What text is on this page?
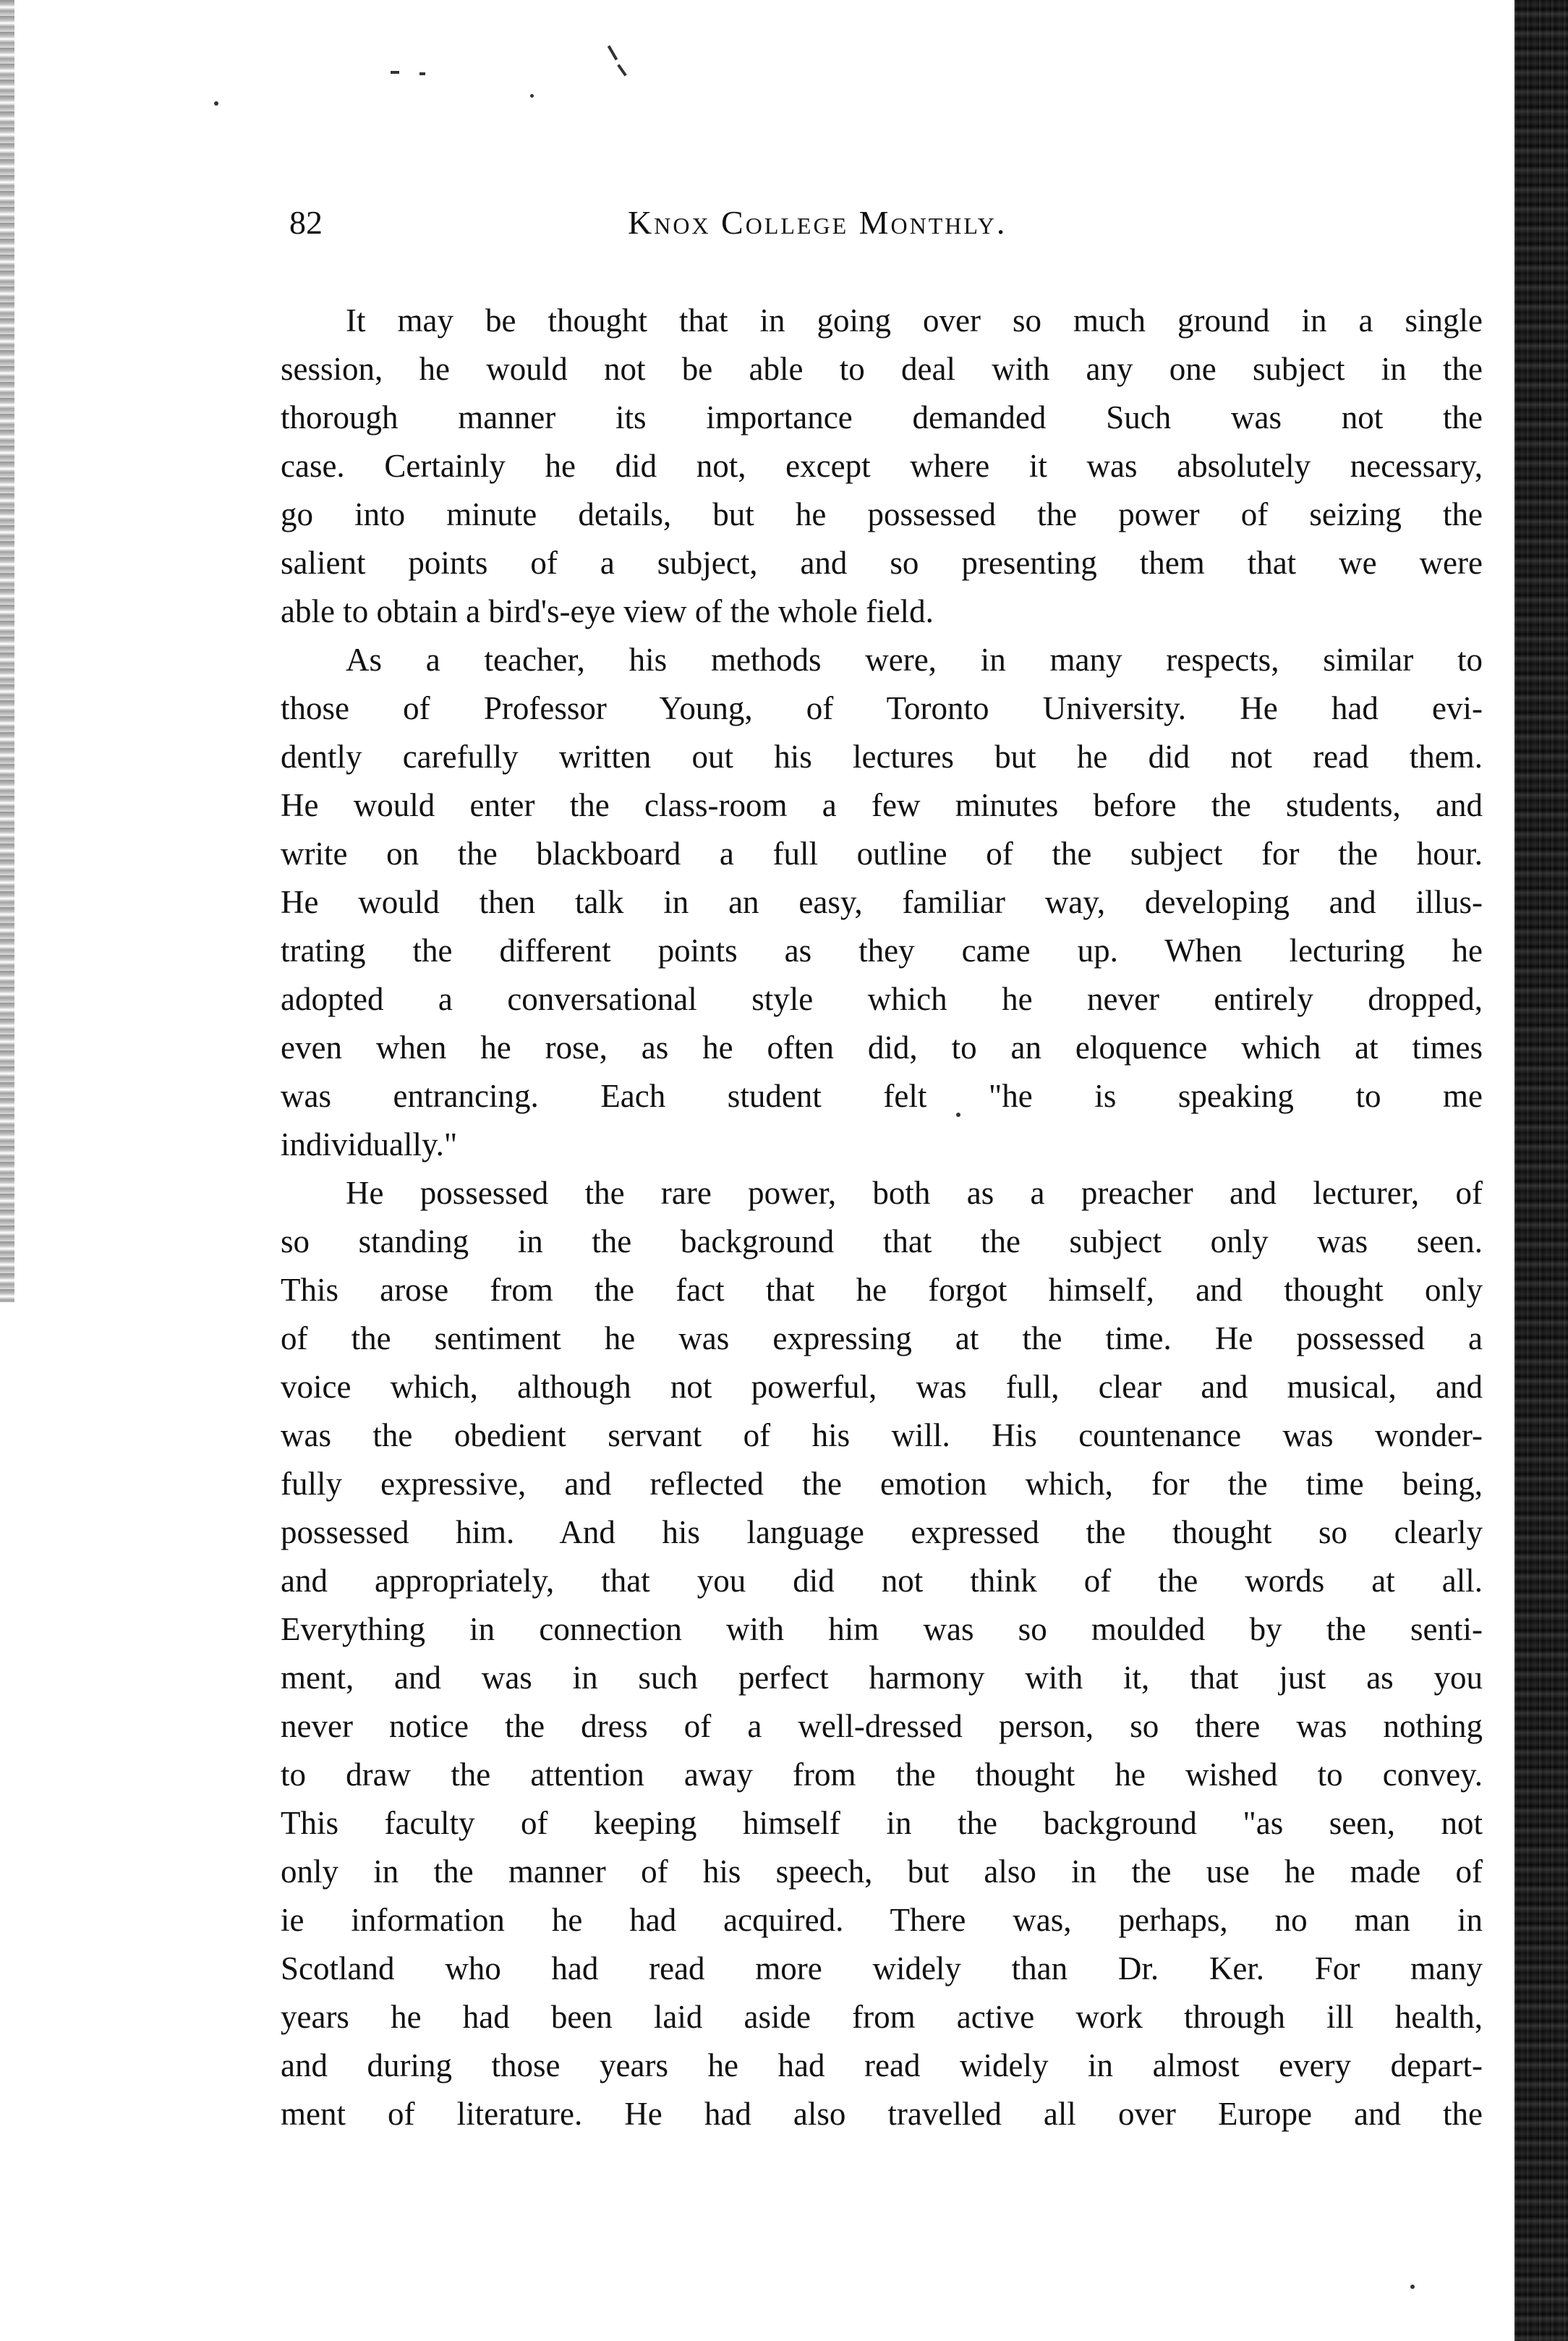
82	Knox College Monthly.

It may be thought that in going over so much ground in a single
session, he would not be able to deal with any one subject in the
thorough manner its importance demanded Such was not the
case. Certainly he did not, except where it was absolutely necessary,
go into minute details, but he possessed the power of seizing the
salient points of a subject, and so presenting them that we were
able to obtain a bird's-eye view of the whole field.

As a teacher, his methods were, in many respects, similar to
those of Professor Young, of Toronto University. He had evi-
dently carefully written out his lectures but he did not read them.
He would enter the class-room a few minutes before the students, and
write on the blackboard a full outline of the subject for the hour.
He would then talk in an easy, familiar way, developing and illus-
trating the different points as they came up. When lecturing he
adopted a conversational style which he never entirely dropped,
even when he rose, as he often did, to an eloquence which at times
was entrancing. Each student felt "he is speaking to me
individually."

He possessed the rare power, both as a preacher and lecturer, of
so standing in the background that the subject only was seen.
This arose from the fact that he forgot himself, and thought only
of the sentiment he was expressing at the time. He possessed a
voice which, although not powerful, was full, clear and musical, and
was the obedient servant of his will. His countenance was wonder-
fully expressive, and reflected the emotion which, for the time being,
possessed him. And his language expressed the thought so clearly
and appropriately, that you did not think of the words at all.
Everything in connection with him was so moulded by the senti-
ment, and was in such perfect harmony with it, that just as you
never notice the dress of a well-dressed person, so there was nothing
to draw the attention away from the thought he wished to convey.
This faculty of keeping himself in the background "as seen, not
only in the manner of his speech, but also in the use he made of
ie information he had acquired. There was, perhaps, no man in
Scotland who had read more widely than Dr. Ker. For many
years he had been laid aside from active work through ill health,
and during those years he had read widely in almost every depart-
ment of literature. He had also travelled all over Europe and the
